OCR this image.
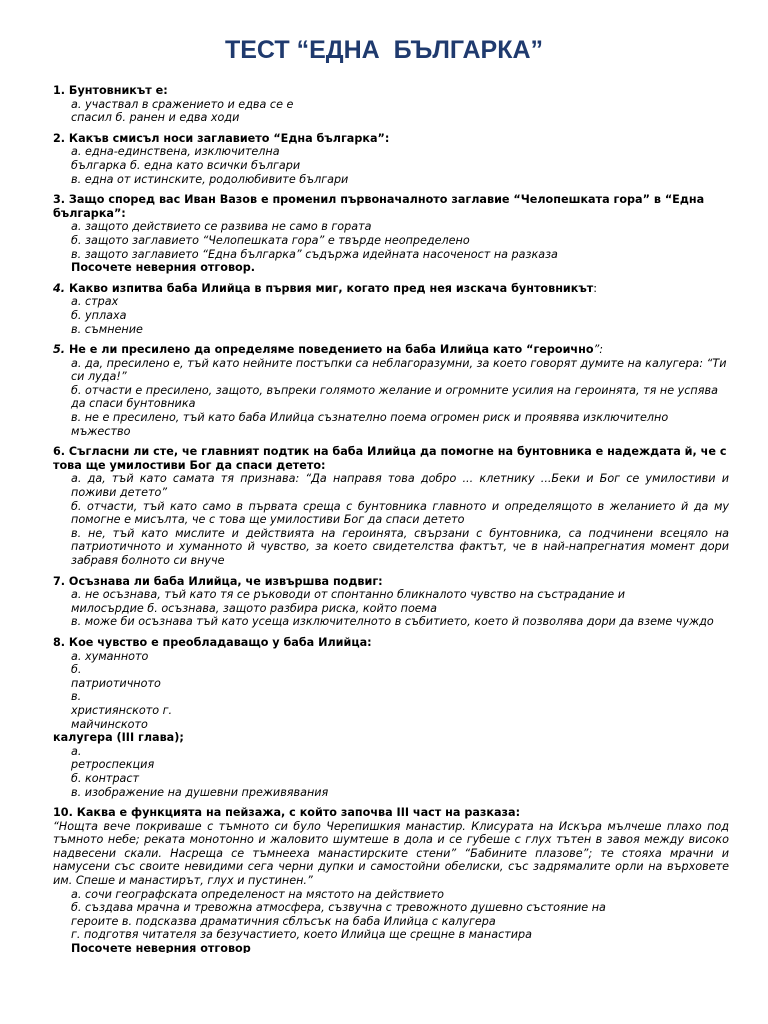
ТЕСТ “ЕДНА  БЪЛГАРКА”
1. Бунтовникът е:
а. участвал в сражението и едва се е
спасил б. ранен и едва ходи
2. Какъв смисъл носи заглавието “Една българка”:
а. една-единствена, изключителна
българка б. една като всички българи
в. една от истинските, родолюбивите българи
3. Защо според вас Иван Вазов е променил първоначалното заглавие “Челопешката гора” в “Една българка”:
а. защото действието се развива не само в гората
б. защото заглавието “Челопешката гора” е твърде неопределено
в. защото заглавието “Една българка” съдържа идейната насоченост на разказа
Посочете неверния отговор.
4. Какво изпитва баба Илийца в първия миг, когато пред нея изскача бунтовникът:
а. страх
б. уплаха
в. съмнение
5. Не е ли пресилено да определяме поведението на баба Илийца като “героично”:
а. да, пресилено е, тъй като нейните постъпки са неблагоразумни, за което говорят думите на калугера: “Ти си луда!”
б. отчасти е пресилено, защото, въпреки голямото желание и огромните усилия на героинята, тя не успява да спаси бунтовника
в. не е пресилено, тъй като баба Илийца съзнателно поема огромен риск и проявява изключително мъжество
6. Съгласни ли сте, че главният подтик на баба Илийца да помогне на бунтовника е надеждата й, че с това ще умилостиви Бог да спаси детето:
а. да, тъй като самата тя признава: “Да направя това добро ... клетнику ...Беки и Бог се умилостиви и поживи детето”
б. отчасти, тъй като само в първата среща с бунтовника главното и определящото в желанието й да му помогне е мисълта, че с това ще умилостиви Бог да спаси детето
в. не, тъй като мислите и действията на героинята, свързани с бунтовника, са подчинени всецяло на патриотичното и хуманното й чувство, за което свидетелства фактът, че в най-напрегнатия момент дори забравя болното си внуче
7. Осъзнава ли баба Илийца, че извършва подвиг:
а. не осъзнава, тъй като тя се ръководи от спонтанно бликналото чувство на състрадание и
милосърдие б. осъзнава, защото разбира риска, който поема
в. може би осъзнава тъй като усеща изключителното в събитието, което й позволява дори да вземе чуждо
8. Кое чувство е преобладаващо у баба Илийца:
а. хуманното
б.
патриотичното
в.
християнското г.
майчинското
калугера (III глава);
а.
ретроспекция
б. контраст
в. изображение на душевни преживявания
10. Каква е функцията на пейзажа, с който започва III част на разказа:
“Нощта вече покриваше с тъмното си було Черепишкия манастир. Клисурата на Искъра мълчеше плахо под тъмното небе; реката монотонно и жаловито шумтеше в дола и се губеше с глух тътен в завоя между високо надвесени скали. Насреща се тъмнееха манастирските стени” “Бабините плазове”; те стояха мрачни и намусени със своите невидими сега черни дупки и самостойни обелиски, със задрямалите орли на върховете им. Спеше и манастирът, глух и пустинен.”
а. сочи географската определеност на мястото на действието
б. създава мрачна и тревожна атмосфера, съзвучна с тревожното душевно състояние на
героите в. подсказва драматичния сблъсък на баба Илийца с калугера
г. подготвя читателя за безучастието, което Илийца ще срещне в манастира
Посочете неверния отговор
